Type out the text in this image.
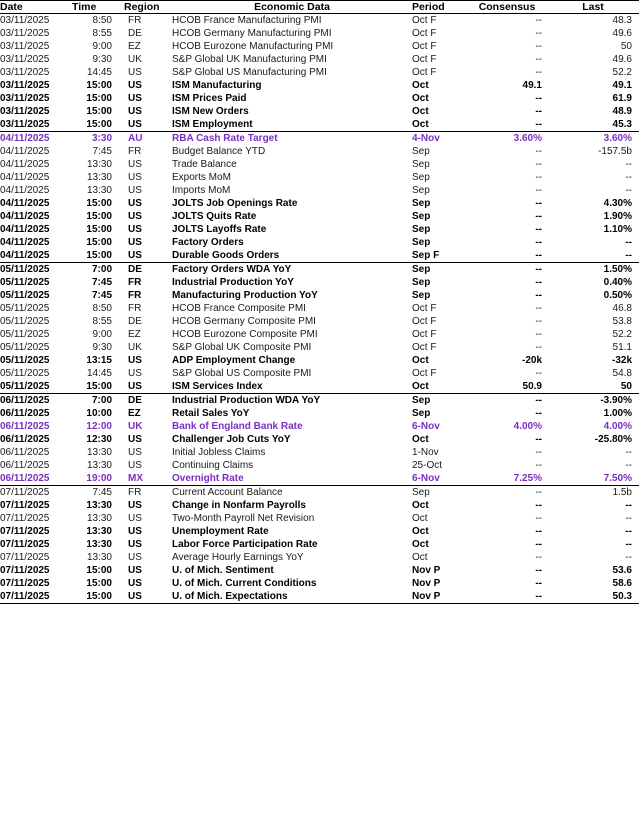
Date	Time	Region	Economic Data	Period	Consensus	Last
03/11/2025	8:50	FR	HCOB France Manufacturing PMI	Oct F	--	48.3
03/11/2025	8:55	DE	HCOB Germany Manufacturing PMI	Oct F	--	49.6
03/11/2025	9:00	EZ	HCOB Eurozone Manufacturing PMI	Oct F	--	50
03/11/2025	9:30	UK	S&P Global UK Manufacturing PMI	Oct F	--	49.6
03/11/2025	14:45	US	S&P Global US Manufacturing PMI	Oct F	--	52.2
03/11/2025	15:00	US	ISM Manufacturing	Oct	49.1	49.1
03/11/2025	15:00	US	ISM Prices Paid	Oct	--	61.9
03/11/2025	15:00	US	ISM New Orders	Oct	--	48.9
03/11/2025	15:00	US	ISM Employment	Oct	--	45.3
04/11/2025	3:30	AU	RBA Cash Rate Target	4-Nov	3.60%	3.60%
04/11/2025	7:45	FR	Budget Balance YTD	Sep	--	-157.5b
04/11/2025	13:30	US	Trade Balance	Sep	--	--
04/11/2025	13:30	US	Exports MoM	Sep	--	--
04/11/2025	13:30	US	Imports MoM	Sep	--	--
04/11/2025	15:00	US	JOLTS Job Openings Rate	Sep	--	4.30%
04/11/2025	15:00	US	JOLTS Quits Rate	Sep	--	1.90%
04/11/2025	15:00	US	JOLTS Layoffs Rate	Sep	--	1.10%
04/11/2025	15:00	US	Factory Orders	Sep	--	--
04/11/2025	15:00	US	Durable Goods Orders	Sep F	--	--
05/11/2025	7:00	DE	Factory Orders WDA YoY	Sep	--	1.50%
05/11/2025	7:45	FR	Industrial Production YoY	Sep	--	0.40%
05/11/2025	7:45	FR	Manufacturing Production YoY	Sep	--	0.50%
05/11/2025	8:50	FR	HCOB France Composite PMI	Oct F	--	46.8
05/11/2025	8:55	DE	HCOB Germany Composite PMI	Oct F	--	53.8
05/11/2025	9:00	EZ	HCOB Eurozone Composite PMI	Oct F	--	52.2
05/11/2025	9:30	UK	S&P Global UK Composite PMI	Oct F	--	51.1
05/11/2025	13:15	US	ADP Employment Change	Oct	-20k	-32k
05/11/2025	14:45	US	S&P Global US Composite PMI	Oct F	--	54.8
05/11/2025	15:00	US	ISM Services Index	Oct	50.9	50
06/11/2025	7:00	DE	Industrial Production WDA YoY	Sep	--	-3.90%
06/11/2025	10:00	EZ	Retail Sales YoY	Sep	--	1.00%
06/11/2025	12:00	UK	Bank of England Bank Rate	6-Nov	4.00%	4.00%
06/11/2025	12:30	US	Challenger Job Cuts YoY	Oct	--	-25.80%
06/11/2025	13:30	US	Initial Jobless Claims	1-Nov	--	--
06/11/2025	13:30	US	Continuing Claims	25-Oct	--	--
06/11/2025	19:00	MX	Overnight Rate	6-Nov	7.25%	7.50%
07/11/2025	7:45	FR	Current Account Balance	Sep	--	1.5b
07/11/2025	13:30	US	Change in Nonfarm Payrolls	Oct	--	--
07/11/2025	13:30	US	Two-Month Payroll Net Revision	Oct	--	--
07/11/2025	13:30	US	Unemployment Rate	Oct	--	--
07/11/2025	13:30	US	Labor Force Participation Rate	Oct	--	--
07/11/2025	13:30	US	Average Hourly Earnings YoY	Oct	--	--
07/11/2025	15:00	US	U. of Mich. Sentiment	Nov P	--	53.6
07/11/2025	15:00	US	U. of Mich. Current Conditions	Nov P	--	58.6
07/11/2025	15:00	US	U. of Mich. Expectations	Nov P	--	50.3
